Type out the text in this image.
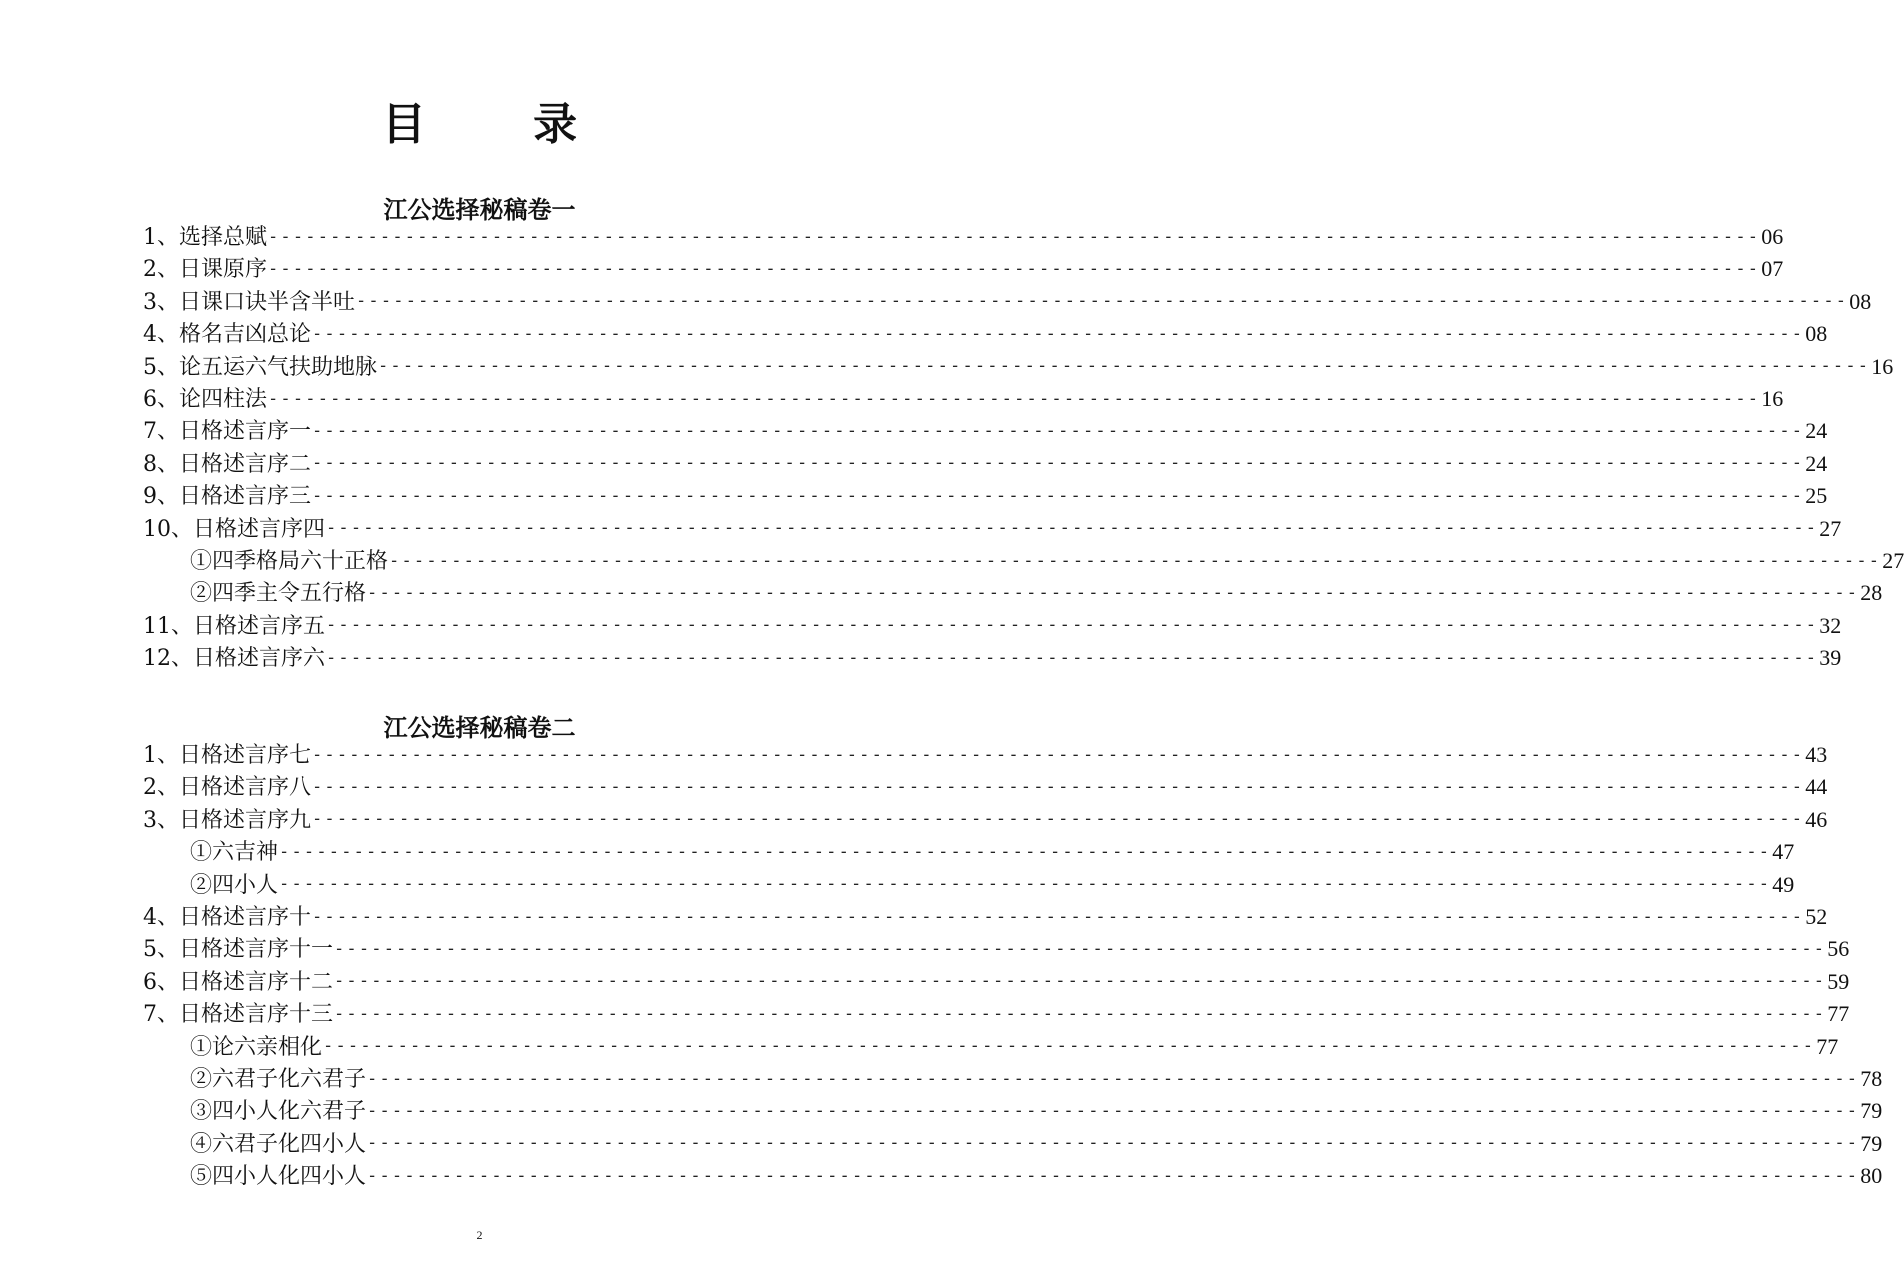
目 录
江公选择秘稿卷一
1、选择总赋 ------------------------------------------------------------------------------------------------------------------------ 06
2、日课原序 ------------------------------------------------------------------------------------------------------------------------ 07
3、日课口诀半含半吐 ------------------------------------------------------------------------------------------------------------------------ 08
4、格名吉凶总论 ------------------------------------------------------------------------------------------------------------------------ 08
5、论五运六气扶助地脉 ------------------------------------------------------------------------------------------------------------------------ 16
6、论四柱法 ------------------------------------------------------------------------------------------------------------------------ 16
7、日格述言序一 ------------------------------------------------------------------------------------------------------------------------ 24
8、日格述言序二 ------------------------------------------------------------------------------------------------------------------------ 24
9、日格述言序三 ------------------------------------------------------------------------------------------------------------------------ 25
10、日格述言序四 ------------------------------------------------------------------------------------------------------------------------ 27
①四季格局六十正格 ------------------------------------------------------------------------------------------------------------------------ 27
②四季主令五行格 ------------------------------------------------------------------------------------------------------------------------ 28
11、日格述言序五 ------------------------------------------------------------------------------------------------------------------------ 32
12、日格述言序六 ------------------------------------------------------------------------------------------------------------------------ 39
江公选择秘稿卷二
1、日格述言序七 ------------------------------------------------------------------------------------------------------------------------ 43
2、日格述言序八 ------------------------------------------------------------------------------------------------------------------------ 44
3、日格述言序九 ------------------------------------------------------------------------------------------------------------------------ 46
①六吉神 ------------------------------------------------------------------------------------------------------------------------ 47
②四小人 ------------------------------------------------------------------------------------------------------------------------ 49
4、日格述言序十 ------------------------------------------------------------------------------------------------------------------------ 52
5、日格述言序十一 ------------------------------------------------------------------------------------------------------------------------ 56
6、日格述言序十二 ------------------------------------------------------------------------------------------------------------------------ 59
7、日格述言序十三 ------------------------------------------------------------------------------------------------------------------------ 77
①论六亲相化 ------------------------------------------------------------------------------------------------------------------------ 77
②六君子化六君子 ------------------------------------------------------------------------------------------------------------------------ 78
③四小人化六君子 ------------------------------------------------------------------------------------------------------------------------ 79
④六君子化四小人 ------------------------------------------------------------------------------------------------------------------------ 79
⑤四小人化四小人 ------------------------------------------------------------------------------------------------------------------------ 80
2
